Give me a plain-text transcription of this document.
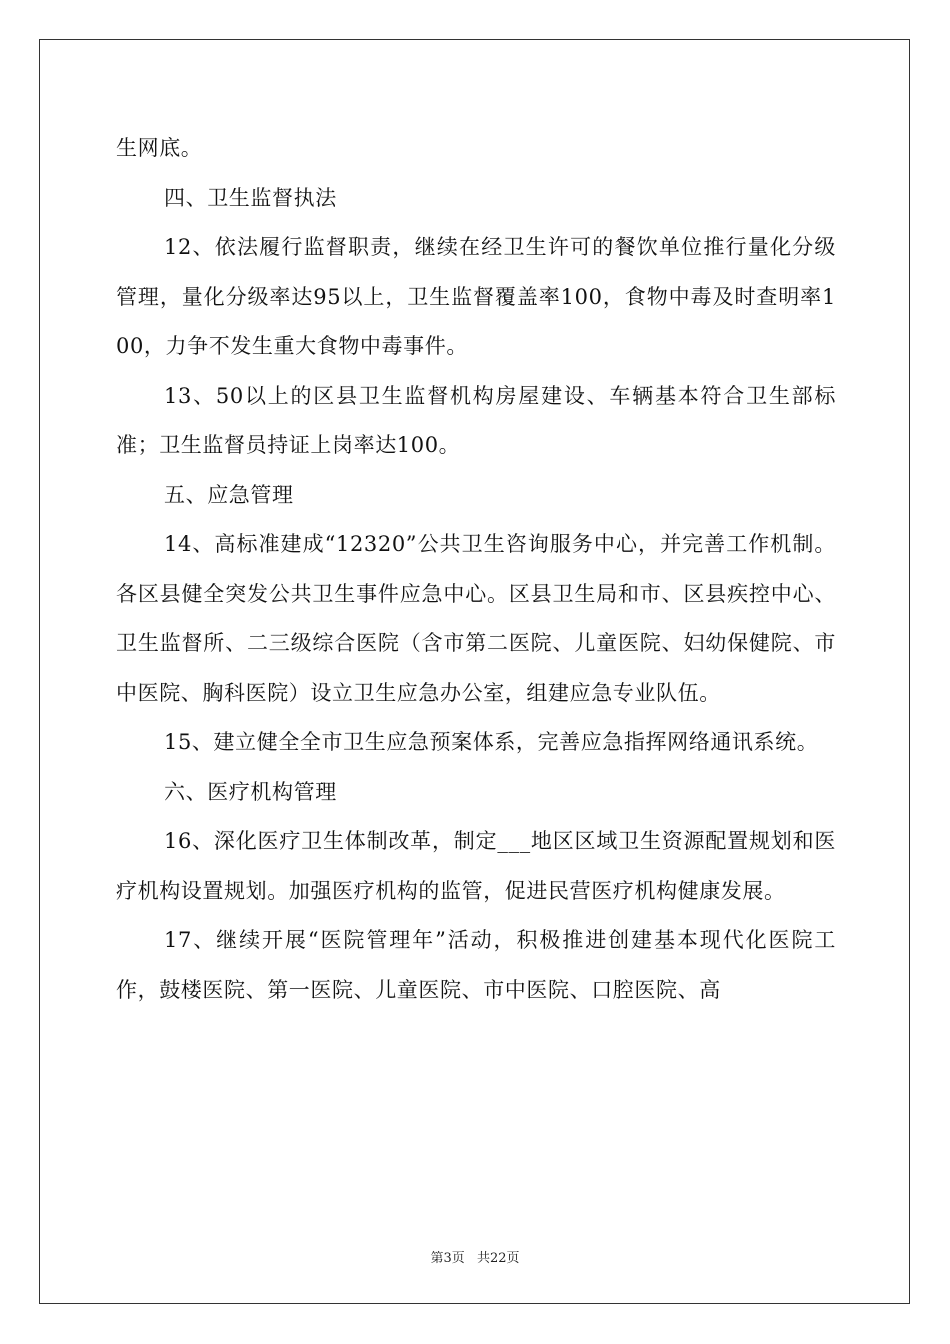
生网底。

四、卫生监督执法

12、依法履行监督职责，继续在经卫生许可的餐饮单位推行量化分级管理，量化分级率达95以上，卫生监督覆盖率100，食物中毒及时查明率100，力争不发生重大食物中毒事件。

13、50以上的区县卫生监督机构房屋建设、车辆基本符合卫生部标准；卫生监督员持证上岗率达100。

五、应急管理

14、高标准建成“12320”公共卫生咨询服务中心，并完善工作机制。各区县健全突发公共卫生事件应急中心。区县卫生局和市、区县疾控中心、卫生监督所、二三级综合医院（含市第二医院、儿童医院、妇幼保健院、市中医院、胸科医院）设立卫生应急办公室，组建应急专业队伍。

15、建立健全全市卫生应急预案体系，完善应急指挥网络通讯系统。

六、医疗机构管理

16、深化医疗卫生体制改革，制定___地区区域卫生资源配置规划和医疗机构设置规划。加强医疗机构的监管，促进民营医疗机构健康发展。

17、继续开展“医院管理年”活动，积极推进创建基本现代化医院工作，鼓楼医院、第一医院、儿童医院、市中医院、口腔医院、高

第3页 共22页
